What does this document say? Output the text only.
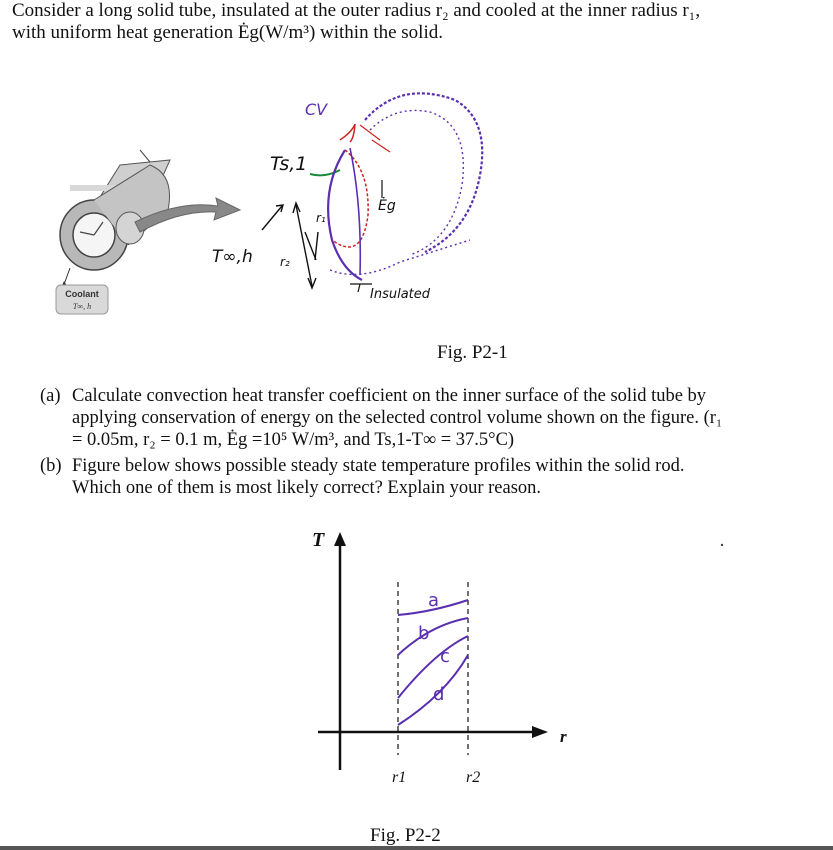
Consider a long solid tube, insulated at the outer radius r₂ and cooled at the inner radius r₁,
with uniform heat generation Ėg(W/m³) within the solid.
Coolant
T∞, h
Ts,1
T∞,h r₂
r₁
CV
Ėg
Insulated
Fig. P2-1
(a) Calculate convection heat transfer coefficient on the inner surface of the solid tube by
applying conservation of energy on the selected control volume shown on the figure. (r₁
= 0.05m, r₂ = 0.1 m, Ėg =10⁵ W/m³, and Ts,1-T∞ = 37.5°C)
(b) Figure below shows possible steady state temperature profiles within the solid rod.
Which one of them is most likely correct? Explain your reason.
T
r
r1	r2
a
b
c
d
Fig. P2-2
